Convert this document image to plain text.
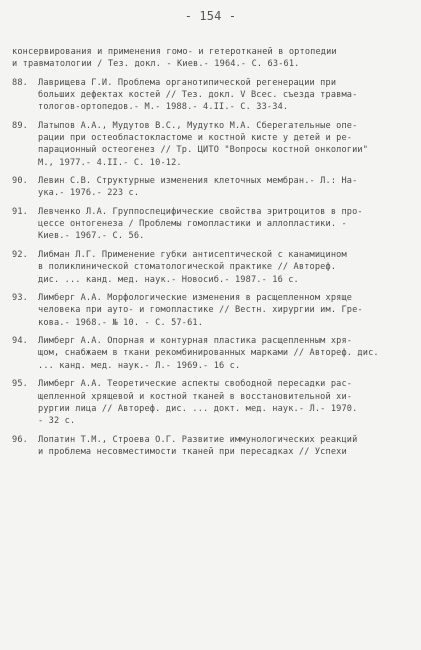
- 154 -
консервирования и применения гомо- и гетеротканей в ортопедии
и травматологии / Тез. докл. - Киев.- 1964.- С. 63-61.

88.

Лаврищева Г.И. Проблема органотипической регенерации при

больших дефектах костей // Тез. докл. V Всес. съезда травма-
тологов-ортопедов.- М.- 1988.- 4.II.- С. 33-34.

89.

Латыпов А.А., Мудутов В.С., Мудутко М.А. Сберегательные опе-

рации при остеобластокластоме и костной кисте у детей и ре-
парационный остеогенез // Тр. ЦИТО "Вопросы костной онкологии"
М., 1977.- 4.II.- С. 10-12.

90.

Левин С.В. Структурные изменения клеточных мембран.- Л.: На-

ука.- 1976.- 223 с.

91.

Левченко Л.А. Группоспецифические свойства эритроцитов в про-

цессе онтогенеза / Проблемы гомопластики и аллопластики. -
Киев.- 1967.- С. 56.

92.

Либман Л.Г. Применение губки антисептической с канамицином

в поликлинической стоматологической практике // Автореф.
дис. ... канд. мед. наук.- Новосиб.- 1987.- 16 с.

93.

Лимберг А.А. Морфологические изменения в расщепленном хряще

человека при ауто- и гомопластике // Вестн. хирургии им. Гре-
кова.- 1968.- № 10. - С. 57-61.

94.

Лимберг А.А. Опорная и контурная пластика расщепленным хря-

щом, снабжаем в ткани рекомбинированных марками // Автореф. дис.
... канд. мед. наук.- Л.- 1969.- 16 с.

95.

Лимберг А.А. Теоретические аспекты свободной пересадки рас-

щепленной хрящевой и костной тканей в восстановительной хи-
рургии лица // Автореф. дис. ... докт. мед. наук.- Л.- 1970.
- 32 с.

96.

Лопатин Т.М., Строева О.Г. Развитие иммунологических реакций

и проблема несовместимости тканей при пересадках // Успехи
